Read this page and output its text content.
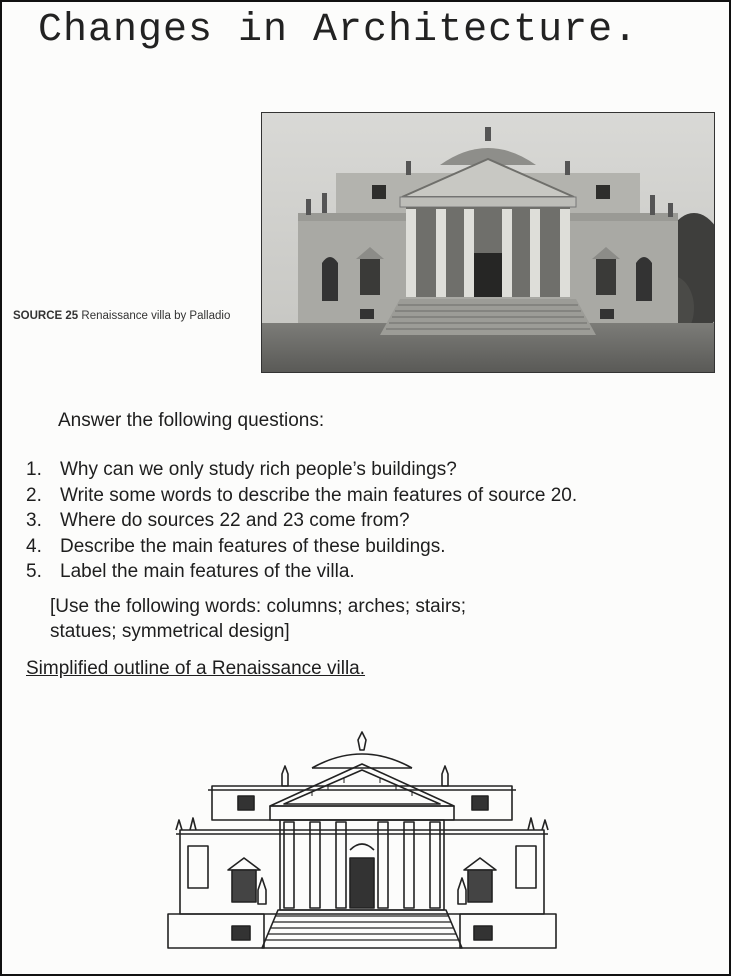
Changes in Architecture.
SOURCE 25 Renaissance villa by Palladio
Answer the following questions:
1. Why can we only study rich people’s buildings?
2. Write some words to describe the main features of source 20.
3. Where do sources 22 and 23 come from?
4. Describe the main features of these buildings.
5. Label the main features of the villa.
[Use the following words: columns; arches; stairs;
statues; symmetrical design]
Simplified outline of a Renaissance villa.
